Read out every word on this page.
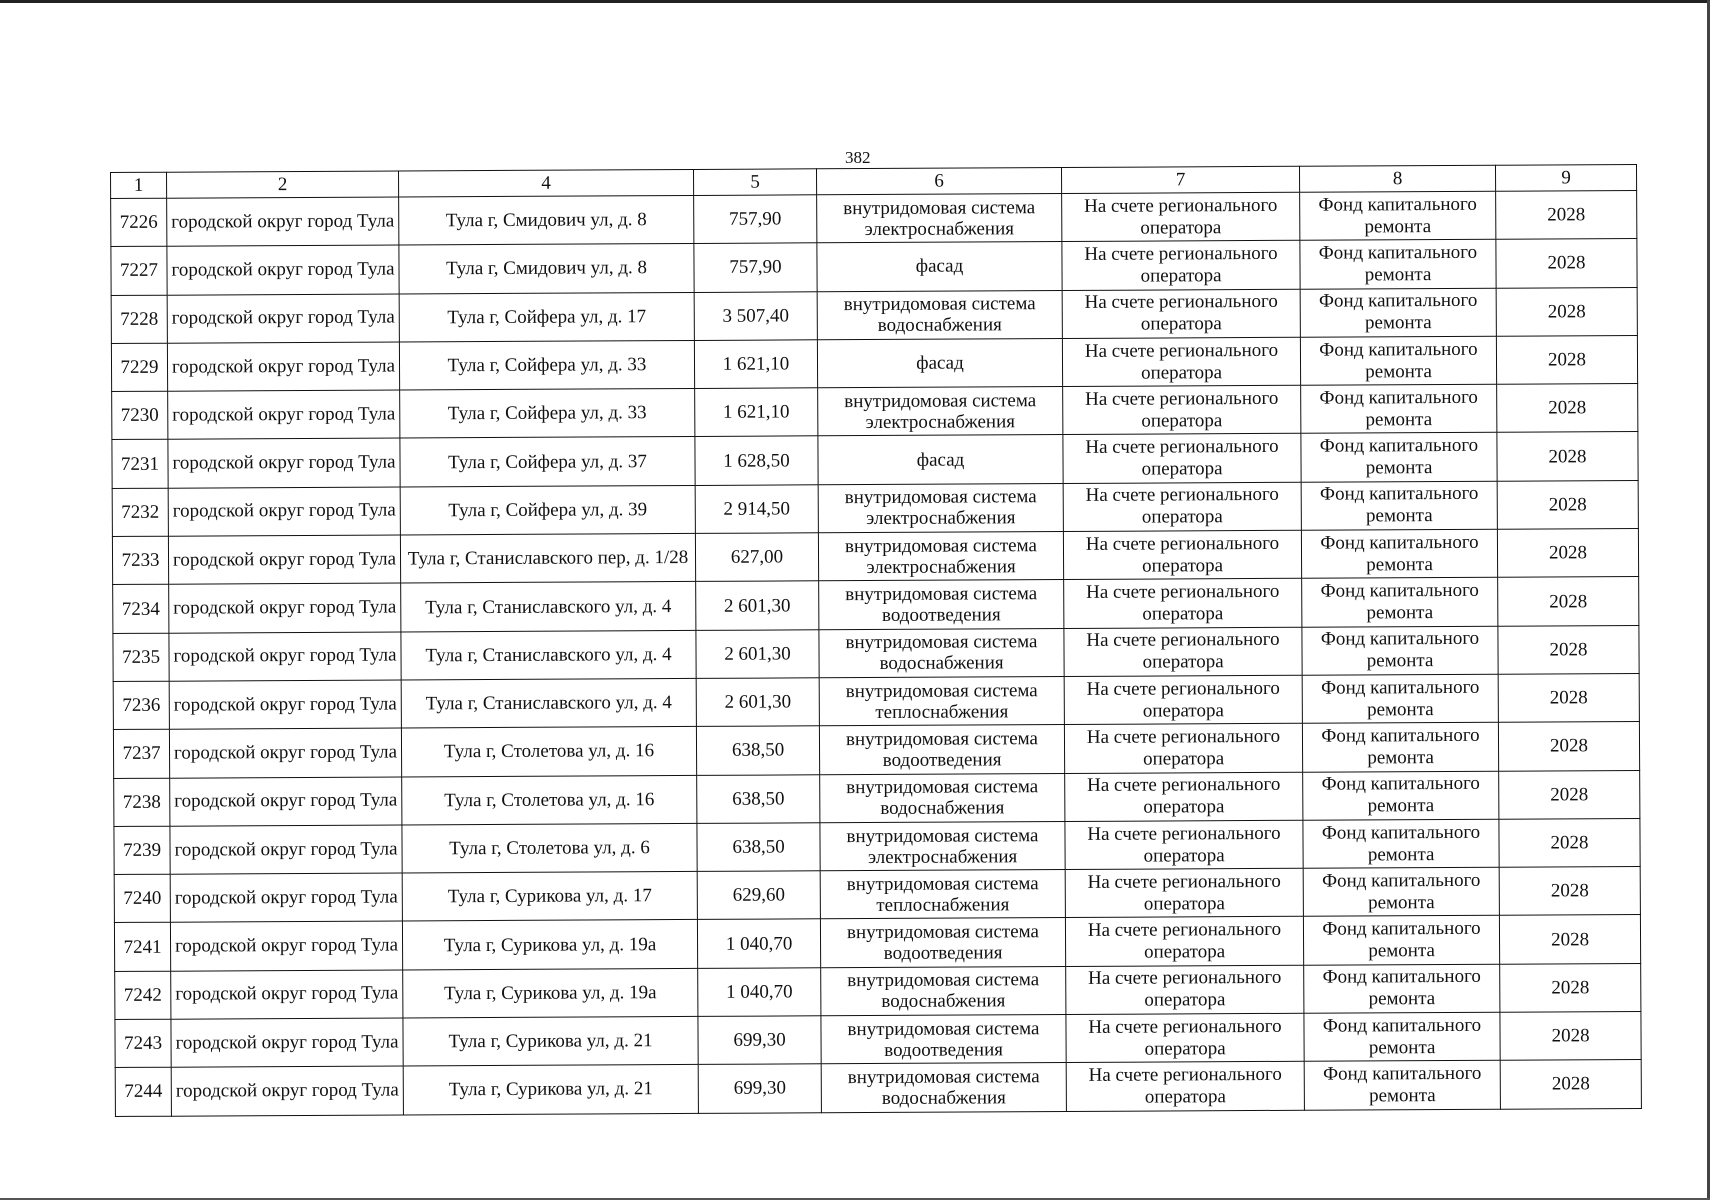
382
1	2	4	5	6	7	8	9
7226	городской округ город Тула	Тула г, Смидович ул, д. 8	757,90	внутридомовая система электроснабжения	На счете регионального оператора	Фонд капитального ремонта	2028
7227	городской округ город Тула	Тула г, Смидович ул, д. 8	757,90	фасад	На счете регионального оператора	Фонд капитального ремонта	2028
7228	городской округ город Тула	Тула г, Сойфера ул, д. 17	3 507,40	внутридомовая система водоснабжения	На счете регионального оператора	Фонд капитального ремонта	2028
7229	городской округ город Тула	Тула г, Сойфера ул, д. 33	1 621,10	фасад	На счете регионального оператора	Фонд капитального ремонта	2028
7230	городской округ город Тула	Тула г, Сойфера ул, д. 33	1 621,10	внутридомовая система электроснабжения	На счете регионального оператора	Фонд капитального ремонта	2028
7231	городской округ город Тула	Тула г, Сойфера ул, д. 37	1 628,50	фасад	На счете регионального оператора	Фонд капитального ремонта	2028
7232	городской округ город Тула	Тула г, Сойфера ул, д. 39	2 914,50	внутридомовая система электроснабжения	На счете регионального оператора	Фонд капитального ремонта	2028
7233	городской округ город Тула	Тула г, Станиславского пер, д. 1/28	627,00	внутридомовая система электроснабжения	На счете регионального оператора	Фонд капитального ремонта	2028
7234	городской округ город Тула	Тула г, Станиславского ул, д. 4	2 601,30	внутридомовая система водоотведения	На счете регионального оператора	Фонд капитального ремонта	2028
7235	городской округ город Тула	Тула г, Станиславского ул, д. 4	2 601,30	внутридомовая система водоснабжения	На счете регионального оператора	Фонд капитального ремонта	2028
7236	городской округ город Тула	Тула г, Станиславского ул, д. 4	2 601,30	внутридомовая система теплоснабжения	На счете регионального оператора	Фонд капитального ремонта	2028
7237	городской округ город Тула	Тула г, Столетова ул, д. 16	638,50	внутридомовая система водоотведения	На счете регионального оператора	Фонд капитального ремонта	2028
7238	городской округ город Тула	Тула г, Столетова ул, д. 16	638,50	внутридомовая система водоснабжения	На счете регионального оператора	Фонд капитального ремонта	2028
7239	городской округ город Тула	Тула г, Столетова ул, д. 6	638,50	внутридомовая система электроснабжения	На счете регионального оператора	Фонд капитального ремонта	2028
7240	городской округ город Тула	Тула г, Сурикова ул, д. 17	629,60	внутридомовая система теплоснабжения	На счете регионального оператора	Фонд капитального ремонта	2028
7241	городской округ город Тула	Тула г, Сурикова ул, д. 19а	1 040,70	внутридомовая система водоотведения	На счете регионального оператора	Фонд капитального ремонта	2028
7242	городской округ город Тула	Тула г, Сурикова ул, д. 19а	1 040,70	внутридомовая система водоснабжения	На счете регионального оператора	Фонд капитального ремонта	2028
7243	городской округ город Тула	Тула г, Сурикова ул, д. 21	699,30	внутридомовая система водоотведения	На счете регионального оператора	Фонд капитального ремонта	2028
7244	городской округ город Тула	Тула г, Сурикова ул, д. 21	699,30	внутридомовая система водоснабжения	На счете регионального оператора	Фонд капитального ремонта	2028
